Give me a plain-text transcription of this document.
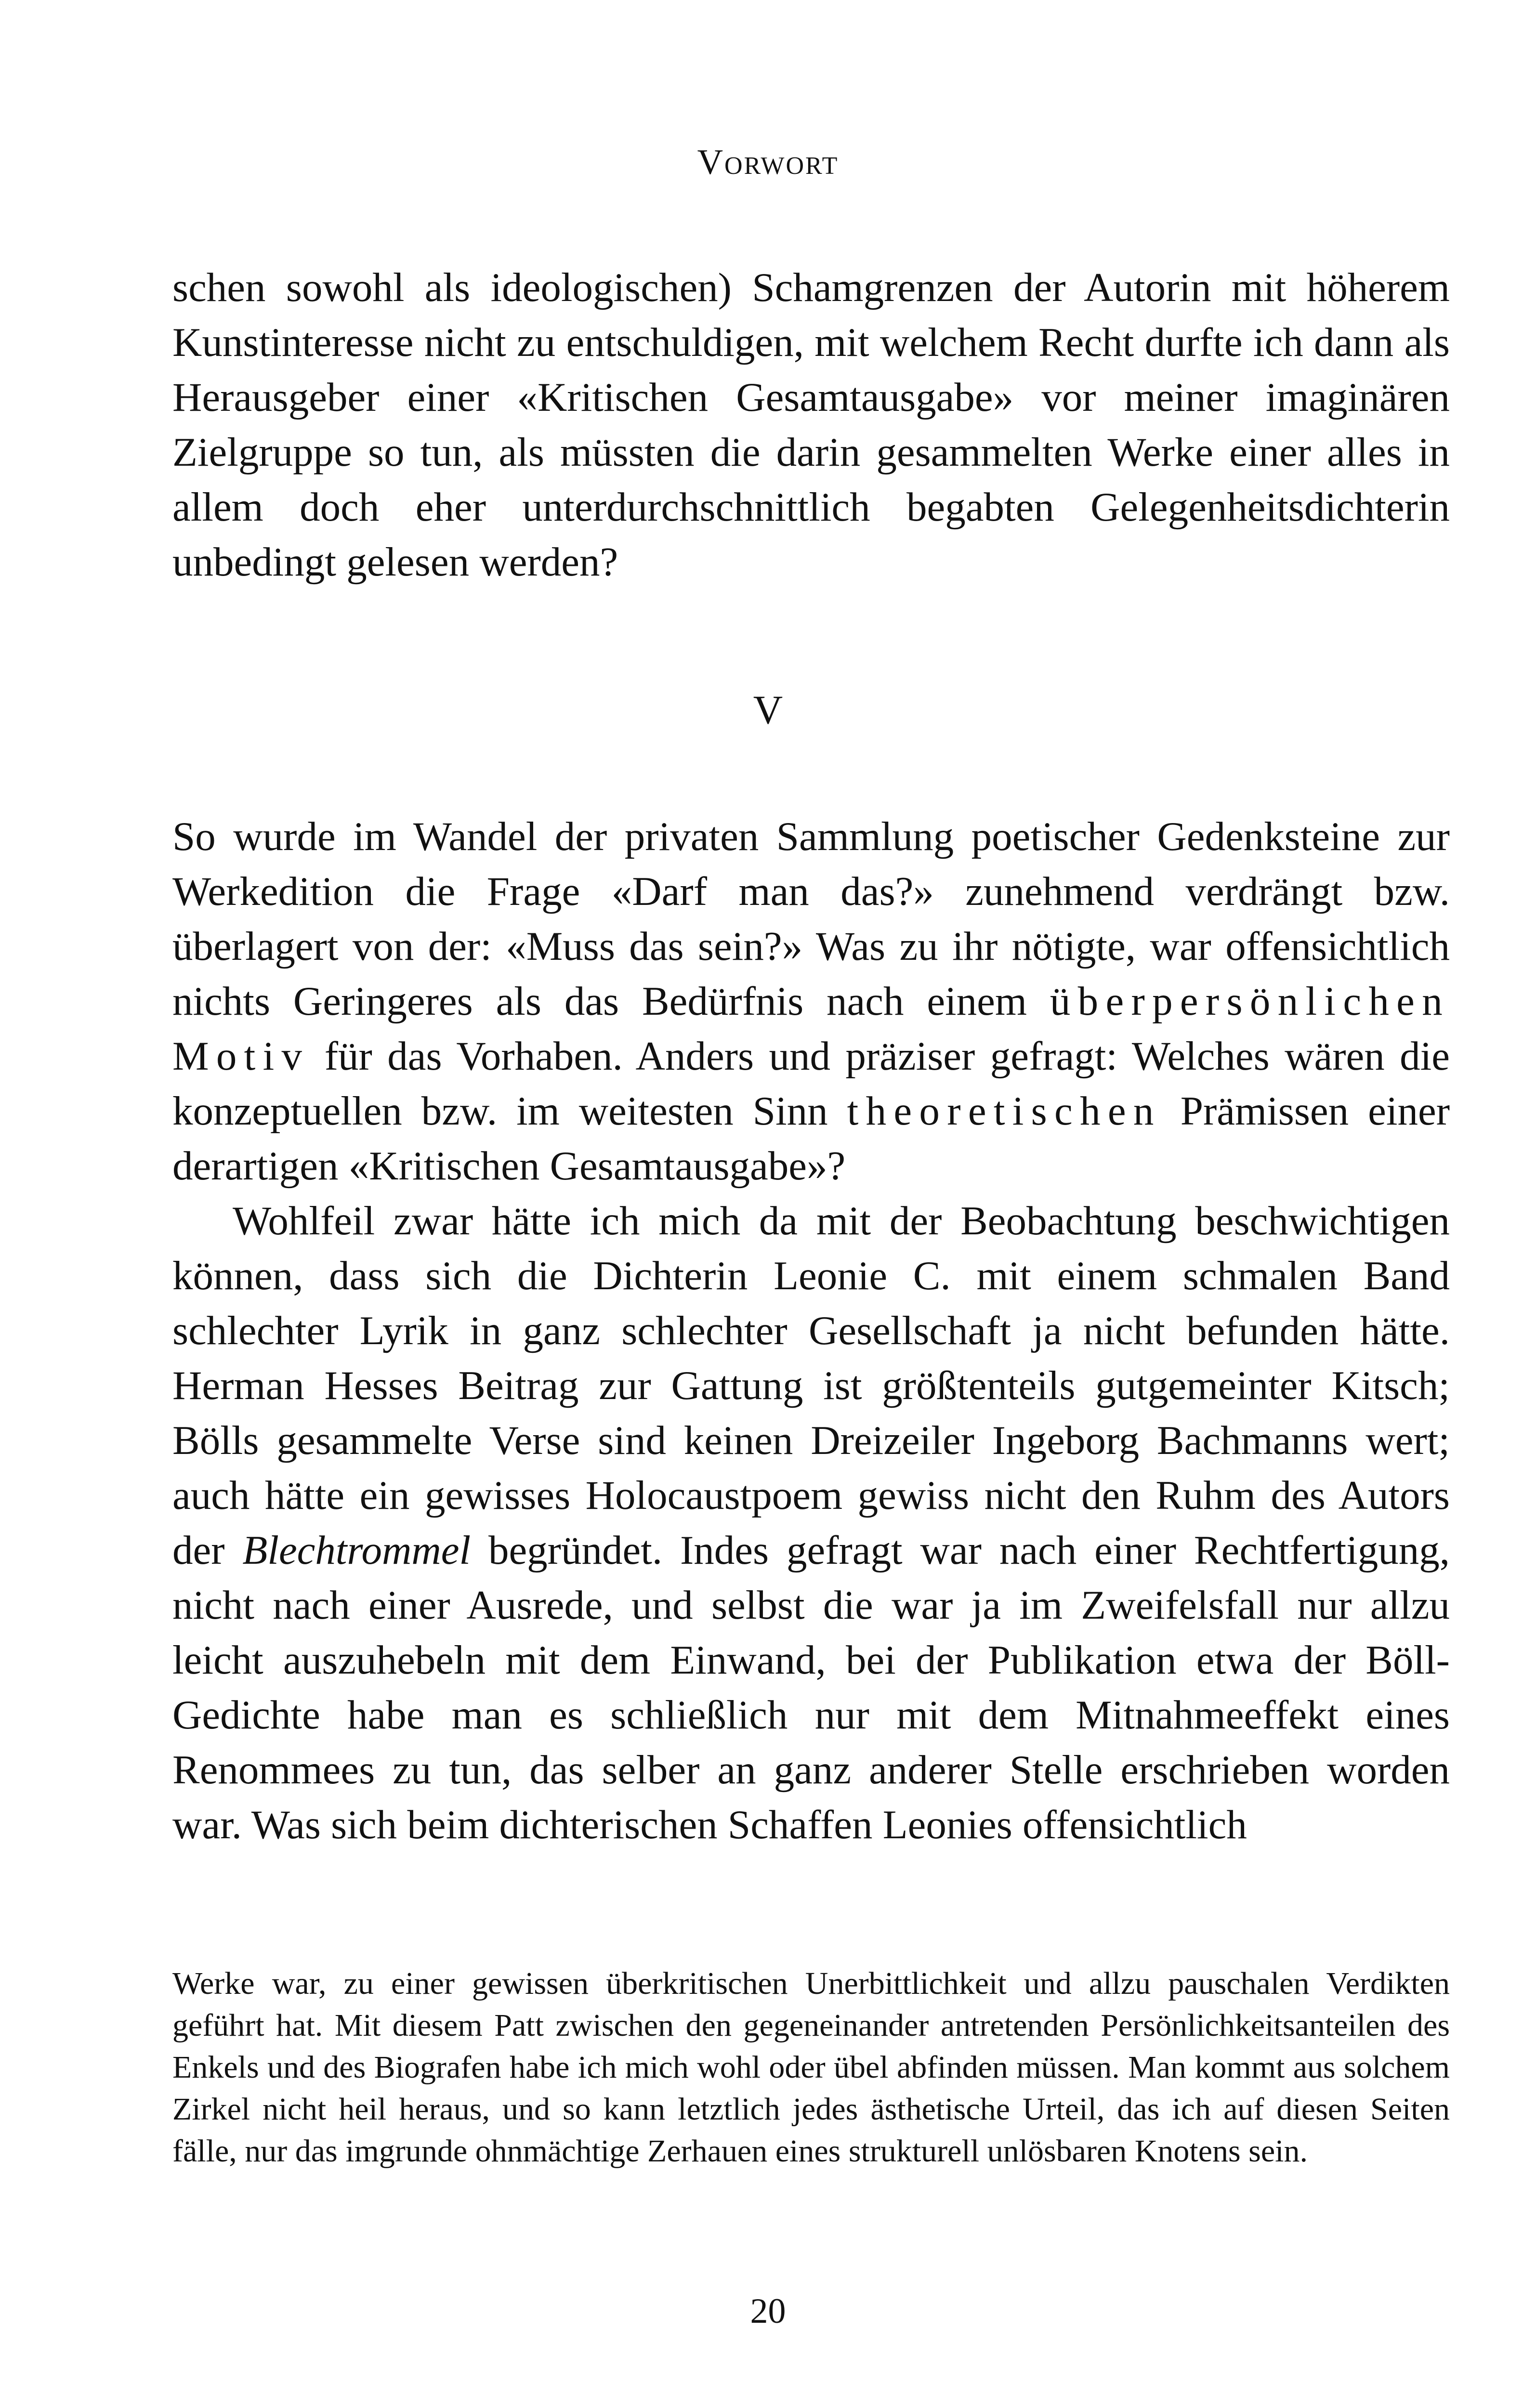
Vorwort

schen sowohl als ideologischen) Schamgrenzen der Autorin mit höherem Kunstinteresse nicht zu entschuldigen, mit welchem Recht durfte ich dann als Herausgeber einer «Kritischen Gesamtausgabe» vor meiner imaginären Zielgruppe so tun, als müssten die darin gesammelten Werke einer alles in allem doch eher unterdurchschnittlich begabten Gelegenheitsdichterin unbedingt gelesen werden?

V

So wurde im Wandel der privaten Sammlung poetischer Gedenksteine zur Werkedition die Frage «Darf man das?» zunehmend verdrängt bzw. überlagert von der: «Muss das sein?» Was zu ihr nötigte, war offensichtlich nichts Geringeres als das Bedürfnis nach einem überpersönlichen Motiv für das Vorhaben. Anders und präziser gefragt: Welches wären die konzeptuellen bzw. im weitesten Sinn theoretischen Prämissen einer derartigen «Kritischen Gesamtausgabe»?

Wohlfeil zwar hätte ich mich da mit der Beobachtung beschwichtigen können, dass sich die Dichterin Leonie C. mit einem schmalen Band schlechter Lyrik in ganz schlechter Gesellschaft ja nicht befunden hätte. Herman Hesses Beitrag zur Gattung ist größtenteils gutgemeinter Kitsch; Bölls gesammelte Verse sind keinen Dreizeiler Ingeborg Bachmanns wert; auch hätte ein gewisses Holocaustpoem gewiss nicht den Ruhm des Autors der Blechtrommel begründet. Indes gefragt war nach einer Rechtfertigung, nicht nach einer Ausrede, und selbst die war ja im Zweifelsfall nur allzu leicht auszuhebeln mit dem Einwand, bei der Publikation etwa der Böll-Gedichte habe man es schließlich nur mit dem Mitnahmeeffekt eines Renommees zu tun, das selber an ganz anderer Stelle erschrieben worden war. Was sich beim dichterischen Schaffen Leonies offensichtlich

Werke war, zu einer gewissen überkritischen Unerbittlichkeit und allzu pauschalen Verdikten geführt hat. Mit diesem Patt zwischen den gegeneinander antretenden Persönlichkeitsanteilen des Enkels und des Biografen habe ich mich wohl oder übel abfinden müssen. Man kommt aus solchem Zirkel nicht heil heraus, und so kann letztlich jedes ästhetische Urteil, das ich auf diesen Seiten fälle, nur das imgrunde ohnmächtige Zerhauen eines strukturell unlösbaren Knotens sein.
20
